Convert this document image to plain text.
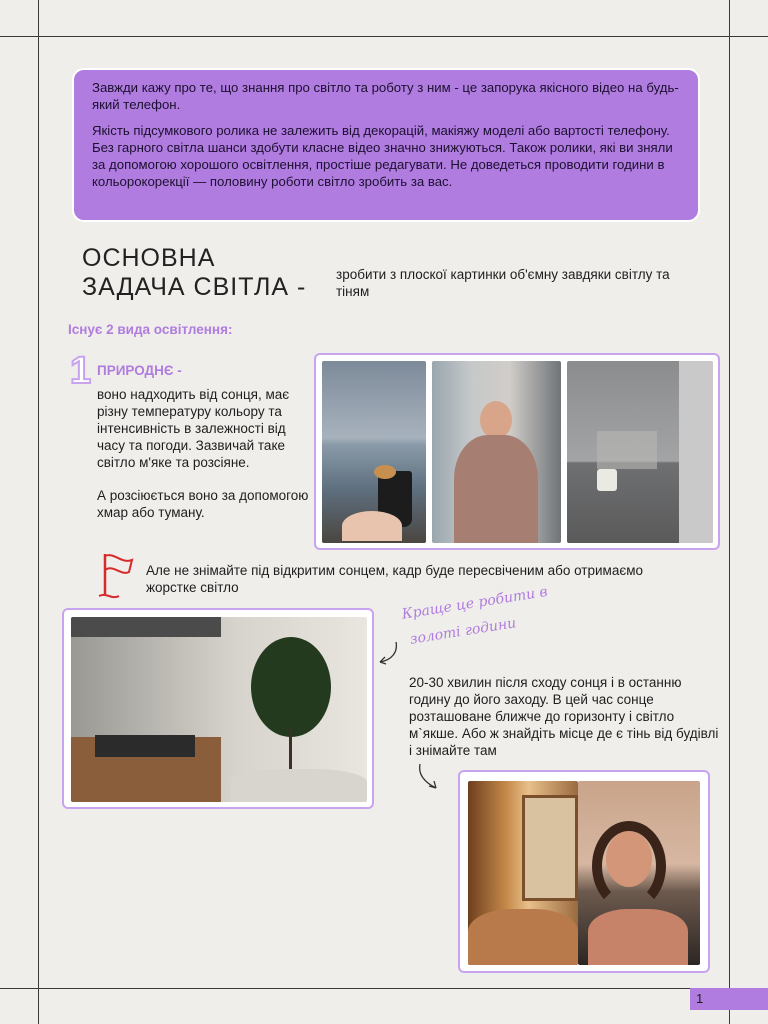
Завжди кажу про те, що знання про світло та роботу з ним - це запорука якісного відео на будь-який телефон.

Якість підсумкового ролика не залежить від декорацій, макіяжу моделі або вартості телефону. Без гарного світла шанси здобути класне відео значно знижуються. Також ролики, які ви зняли за допомогою хорошого освітлення, простіше редагувати. Не доведеться проводити години в кольорокорекції — половину роботи світло зробить за вас.

ОСНОВНА
ЗАДАЧА СВІТЛА - зробити з плоскої картинки об'ємну завдяки світлу та тіням
Існує 2 вида освітлення:
1 ПРИРОДНЄ -

воно надходить від сонця, має різну температуру кольору та інтенсивність в залежності від часу та погоди. Зазвичай таке світло м'яке та розсіяне.

А розсіюється воно за допомогою хмар або туману.

Але не знімайте під відкритим сонцем, кадр буде пересвіченим або отримаємо жорстке світло	Краще це робити в
золоті години
20-30 хвилин після сходу сонця і в останню годину до його заходу. В цей час сонце розташоване ближче до горизонту і світло м`якше. Або ж знайдіть місце де є тінь від будівлі і знімайте там
1
